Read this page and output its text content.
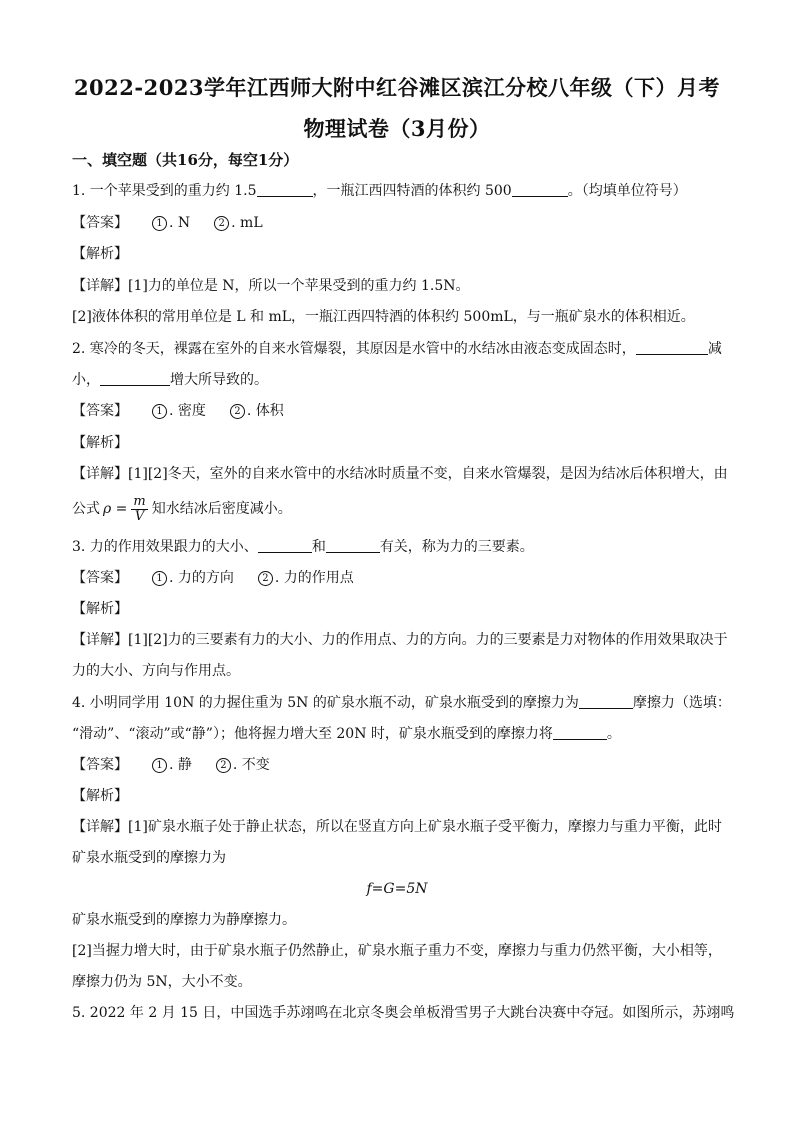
2022-2023学年江西师大附中红谷滩区滨江分校八年级（下）月考
物理试卷（3月份）
一、填空题（共16分，每空1分）
1. 一个苹果受到的重力约 1.5	，一瓶江西四特酒的体积约 500	。（均填单位符号）
【答案】	1 . N	2 . mL
【解析】
【详解】[1]力的单位是 N，所以一个苹果受到的重力约 1.5N。
[2]液体体积的常用单位是 L 和 mL，一瓶江西四特酒的体积约 500mL，与一瓶矿泉水的体积相近。
2. 寒冷的冬天，裸露在室外的自来水管爆裂，其原因是水管中的水结冰由液态变成固态时，	减
小，	增大所导致的。
【答案】	1 . 密度	2 . 体积
【解析】
【详解】[1][2]冬天，室外的自来水管中的水结冰时质量不变，自来水管爆裂，是因为结冰后体积增大，由
公式 $\rho = \frac{m}{V}$ 知水结冰后密度减小。
3. 力的作用效果跟力的大小、	和	有关，称为力的三要素。
【答案】	1 . 力的方向	2 . 力的作用点
【解析】
【详解】[1][2]力的三要素有力的大小、力的作用点、力的方向。力的三要素是力对物体的作用效果取决于
力的大小、方向与作用点。
4. 小明同学用 10N 的力握住重为 5N 的矿泉水瓶不动，矿泉水瓶受到的摩擦力为	摩擦力（选填：
“滑动”、“滚动”或“静”）；他将握力增大至 20N 时，矿泉水瓶受到的摩擦力将	。
【答案】	1 . 静	2 . 不变
【解析】
【详解】[1]矿泉水瓶子处于静止状态，所以在竖直方向上矿泉水瓶子受平衡力，摩擦力与重力平衡，此时
矿泉水瓶受到的摩擦力为
f=G=5N
矿泉水瓶受到的摩擦力为静摩擦力。
[2]当握力增大时，由于矿泉水瓶子仍然静止，矿泉水瓶子重力不变，摩擦力与重力仍然平衡，大小相等，
摩擦力仍为 5N，大小不变。
5. 2022 年 2 月 15 日，中国选手苏翊鸣在北京冬奥会单板滑雪男子大跳台决赛中夺冠。如图所示，苏翊鸣
